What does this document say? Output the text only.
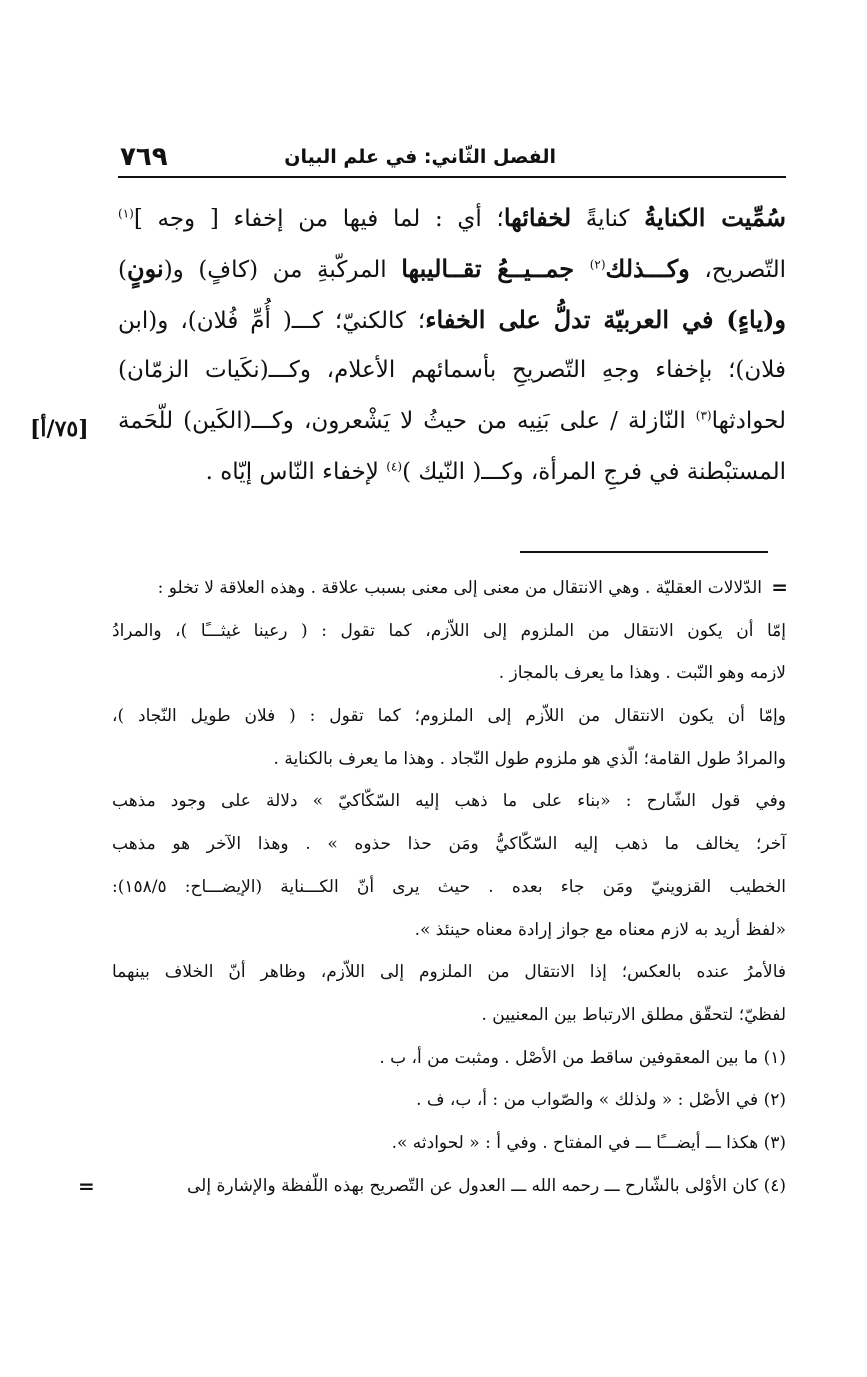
الفصل الثّاني: في علم البيان
٧٦٩
سُمِّيت الكنايةُ كنايةً لخفائها؛ أي : لما فيها من إخفاء [ وجه ]$^{(١)}$
التّصريح، وكـــذلك$^{(٢)}$ جمــيــعُ تقــاليبها المركّبةِ من (كافٍ) و(نونٍ)
و(ياءٍ) في العربيّة تدلُّ على الخفاء؛ كالكنيّ؛ كـــ( أُمِّ فُلان)، و(ابن
فلان)؛ بإخفاء وجهِ التّصريحِ بأسمائهم الأعلام، وكـــ(نكَيات الزمّان)
لحوادثها$^{(٣)}$ النّازلة / على بَنِيه من حيثُ لا يَشْعرون، وكـــ(الكَين) للّحَمة
المستبْطنة في فرجِ المرأة، وكـــ( النّيك )$^{(٤)}$ لإخفاء النّاس إيّاه .
[٧٥/أ]
=
الدّلالات العقليّة . وهي الانتقال من معنى إلى معنى بسبب علاقة . وهذه العلاقة لا تخلو :
إمّا أن يكون الانتقال من الملزوم إلى اللاّزم، كما تقول : ( رعينا غيثـــًا )، والمرادُ
لازمه وهو النّبت . وهذا ما يعرف بالمجاز .
وإمّا أن يكون الانتقال من اللاّزم إلى الملزوم؛ كما تقول : ( فلان طويل النّجاد )،
والمرادُ طول القامة؛ الّذي هو ملزوم طول النّجاد . وهذا ما يعرف بالكناية .
وفي قول الشّارح : «بناء على ما ذهب إليه السّكّاكيّ » دلالة على وجود مذهب
آخر؛ يخالف ما ذهب إليه السّكّاكيُّ ومَن حذا حذوه » . وهذا الآخر هو مذهب
الخطيب القزوينيّ ومَن جاء بعده . حيث يرى أنّ الكـــناية (الإيضـــاح: ١٥٨/٥):
«لفظ أريد به لازم معناه مع جواز إرادة معناه حينئذ ».
فالأمرُ عنده بالعكس؛ إذا الانتقال من الملزوم إلى اللاّزم، وظاهر أنّ الخلاف بينهما
لفظيّ؛ لتحقّق مطلق الارتباط بين المعنيين .
(١) ما بين المعقوفين ساقط من الأصْل . ومثبت من أ، ب .
(٢) في الأصْل : « ولذلك » والصّواب من : أ، ب، ف .
(٣) هكذا ـــ أيضـــًا ـــ في المفتاح . وفي أ : « لحوادثه ».
(٤) كان الأوْلى بالشّارح ـــ رحمه الله ـــ العدول عن التّصريح بهذه اللّفظة والإشارة إلى
=
